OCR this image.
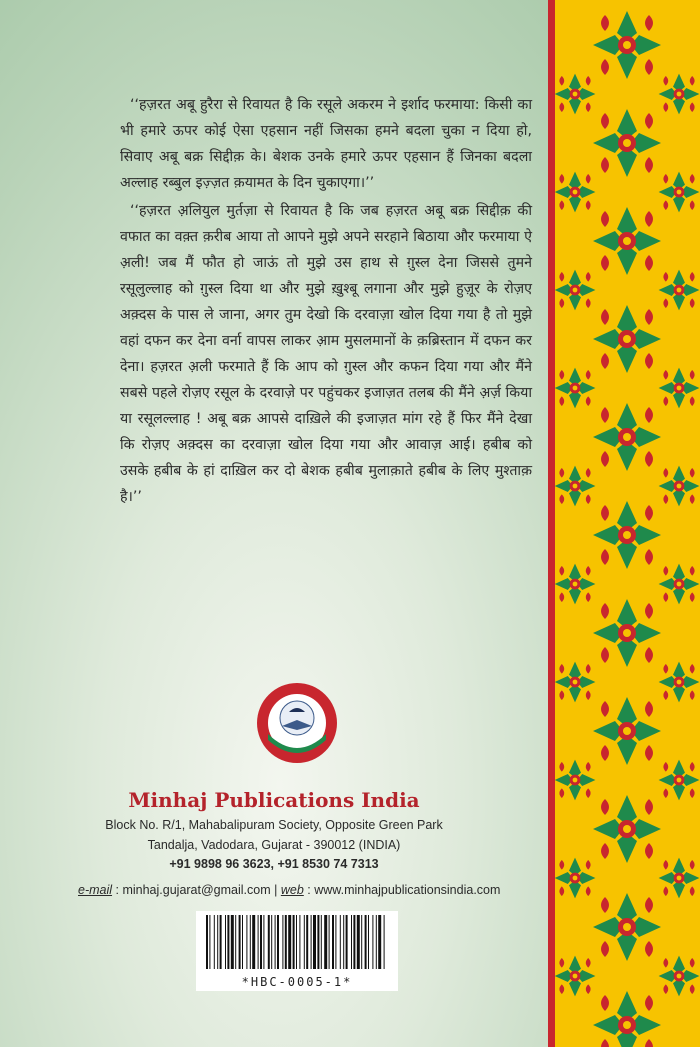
‘‘हज़रत अबू हुरैरा से रिवायत है कि रसूले अकरम ने इर्शाद फरमाया: किसी का भी हमारे ऊपर कोई ऐसा एहसान नहीं जिसका हमने बदला चुका न दिया हो, सिवाए अबू बक्र सिद्दीक़ के। बेशक उनके हमारे ऊपर एहसान हैं जिनका बदला अल्लाह रब्बुल इज़्ज़त क़यामत के दिन चुकाएगा।’’

‘‘हज़रत अ़लियुल मुर्तज़ा से रिवायत है कि जब हज़रत अबू बक्र सिद्दीक़ की वफात का वक़्त क़रीब आया तो आपने मुझे अपने सरहाने बिठाया और फरमाया ऐ अ़ली! जब मैं फौत हो जाऊं तो मुझे उस हाथ से ग़ुस्ल देना जिससे तुमने रसूलुल्लाह को ग़ुस्ल दिया था और मुझे ख़ुश्बू लगाना और मुझे हुज़ूर के रोज़ए अक़्दस के पास ले जाना, अगर तुम देखो कि दरवाज़ा खोल दिया गया है तो मुझे वहां दफन कर देना वर्ना वापस लाकर आ़म मुसलमानों के क़ब्रिस्तान में दफन कर देना। हज़रत अ़ली फरमाते हैं कि आप को ग़ुस्ल और कफन दिया गया और मैंने सबसे पहले रोज़ए रसूल के दरवाज़े पर पहुंचकर इजाज़त तलब की मैंने अ़र्ज़ किया या रसूलल्लाह ! अबू बक्र आपसे दाख़िले की इजाज़त मांग रहे हैं फिर मैंने देखा कि रोज़ए अक़्दस का दरवाज़ा खोल दिया गया और आवाज़ आई। हबीब को उसके हबीब के हां दाख़िल कर दो बेशक हबीब मुलाक़ाते हबीब के लिए मुश्ताक़ है।’’

Minhaj Publications India
Block No. R/1, Mahabalipuram Society, Opposite Green Park
Tandalja, Vadodara, Gujarat - 390012 (INDIA)
+91 9898 96 3623, +91 8530 74 7313
e-mail : minhaj.gujarat@gmail.com | web : www.minhajpublicationsindia.com
*HBC-0005-1*
